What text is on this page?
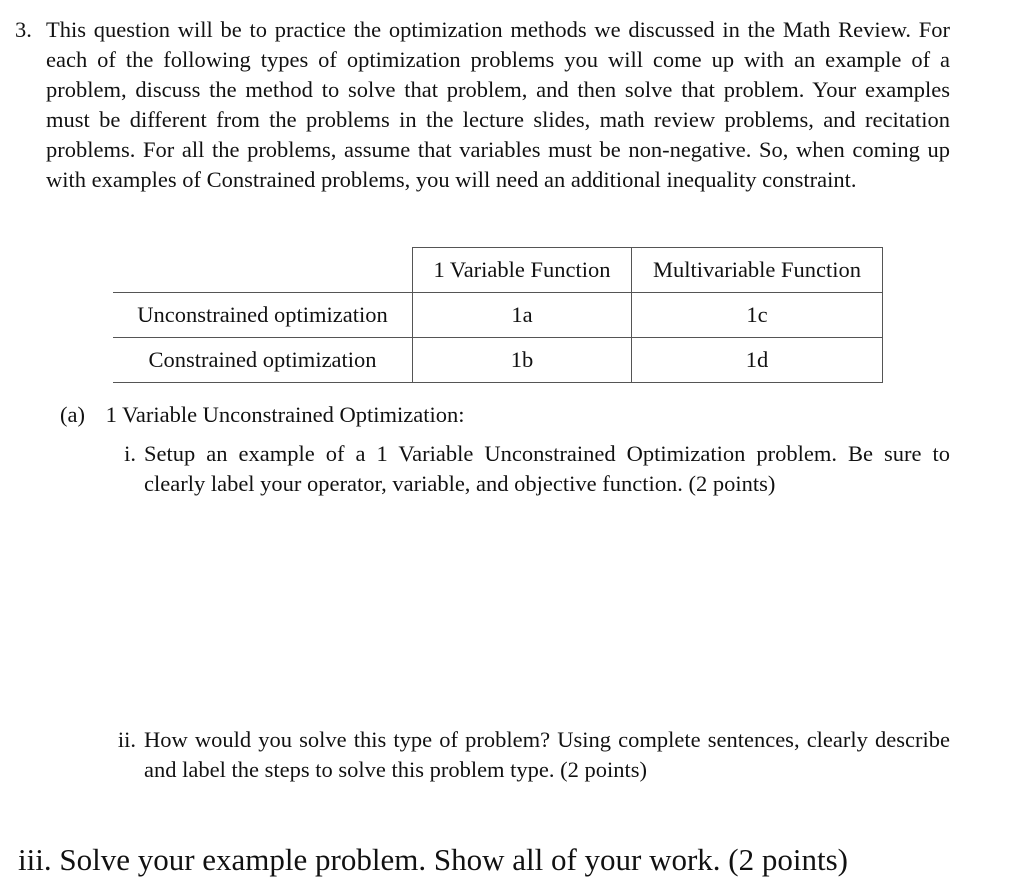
3. This question will be to practice the optimization methods we discussed in the Math Review. For each of the following types of optimization problems you will come up with an example of a problem, discuss the method to solve that problem, and then solve that problem. Your examples must be different from the problems in the lecture slides, math review problems, and recitation problems. For all the problems, assume that variables must be non-negative. So, when coming up with examples of Constrained problems, you will need an additional inequality constraint.
	1 Variable Function	Multivariable Function
Unconstrained optimization	1a	1c
Constrained optimization	1b	1d
(a) 1 Variable Unconstrained Optimization:
i. Setup an example of a 1 Variable Unconstrained Optimization problem. Be sure to clearly label your operator, variable, and objective function. (2 points)
ii. How would you solve this type of problem? Using complete sentences, clearly describe and label the steps to solve this problem type. (2 points)
iii. Solve your example problem. Show all of your work. (2 points)
